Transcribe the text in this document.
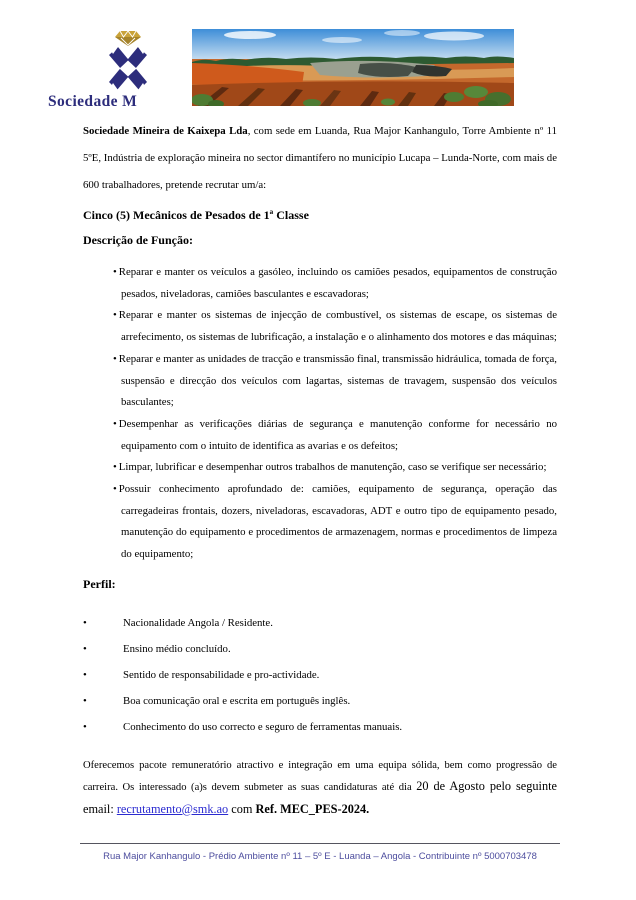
Sociedade M

Sociedade Mineira de Kaixepa Lda, com sede em Luanda, Rua Major Kanhangulo, Torre Ambiente nº 11 5ºE, Indústria de exploração mineira no sector dimantífero no município Lucapa – Lunda-Norte, com mais de 600 trabalhadores, pretende recrutar um/a:

Cinco (5) Mecânicos de Pesados de 1ª Classe

Descrição de Função:

• Reparar e manter os veículos a gasóleo, incluindo os camiões pesados, equipamentos de construção pesados, niveladoras, camiões basculantes e escavadoras;
• Reparar e manter os sistemas de injecção de combustível, os sistemas de escape, os sistemas de arrefecimento, os sistemas de lubrificação, a instalação e o alinhamento dos motores e das máquinas;
• Reparar e manter as unidades de tracção e transmissão final, transmissão hidráulica, tomada de força, suspensão e direcção dos veículos com lagartas, sistemas de travagem, suspensão dos veículos basculantes;
• Desempenhar as verificações diárias de segurança e manutenção conforme for necessário no equipamento com o intuito de identifica as avarias e os defeitos;
• Limpar, lubrificar e desempenhar outros trabalhos de manutenção, caso se verifique ser necessário;
• Possuir conhecimento aprofundado de: camiões, equipamento de segurança, operação das carregadeiras frontais, dozers, niveladoras, escavadoras, ADT e outro tipo de equipamento pesado, manutenção do equipamento e procedimentos de armazenagem, normas e procedimentos de limpeza do equipamento;

Perfil:

• Nacionalidade Angola / Residente.
• Ensino médio concluído.
• Sentido de responsabilidade e pro-actividade.
• Boa comunicação oral e escrita em português inglês.
• Conhecimento do uso correcto e seguro de ferramentas manuais.

Oferecemos pacote remuneratório atractivo e integração em uma equipa sólida, bem como progressão de carreira. Os interessado (a)s devem submeter as suas candidaturas até dia 20 de Agosto pelo seguinte email: recrutamento@smk.ao com Ref. MEC_PES-2024.

Rua Major Kanhangulo - Prédio Ambiente nº 11 – 5º E - Luanda – Angola - Contribuinte nº 5000703478
